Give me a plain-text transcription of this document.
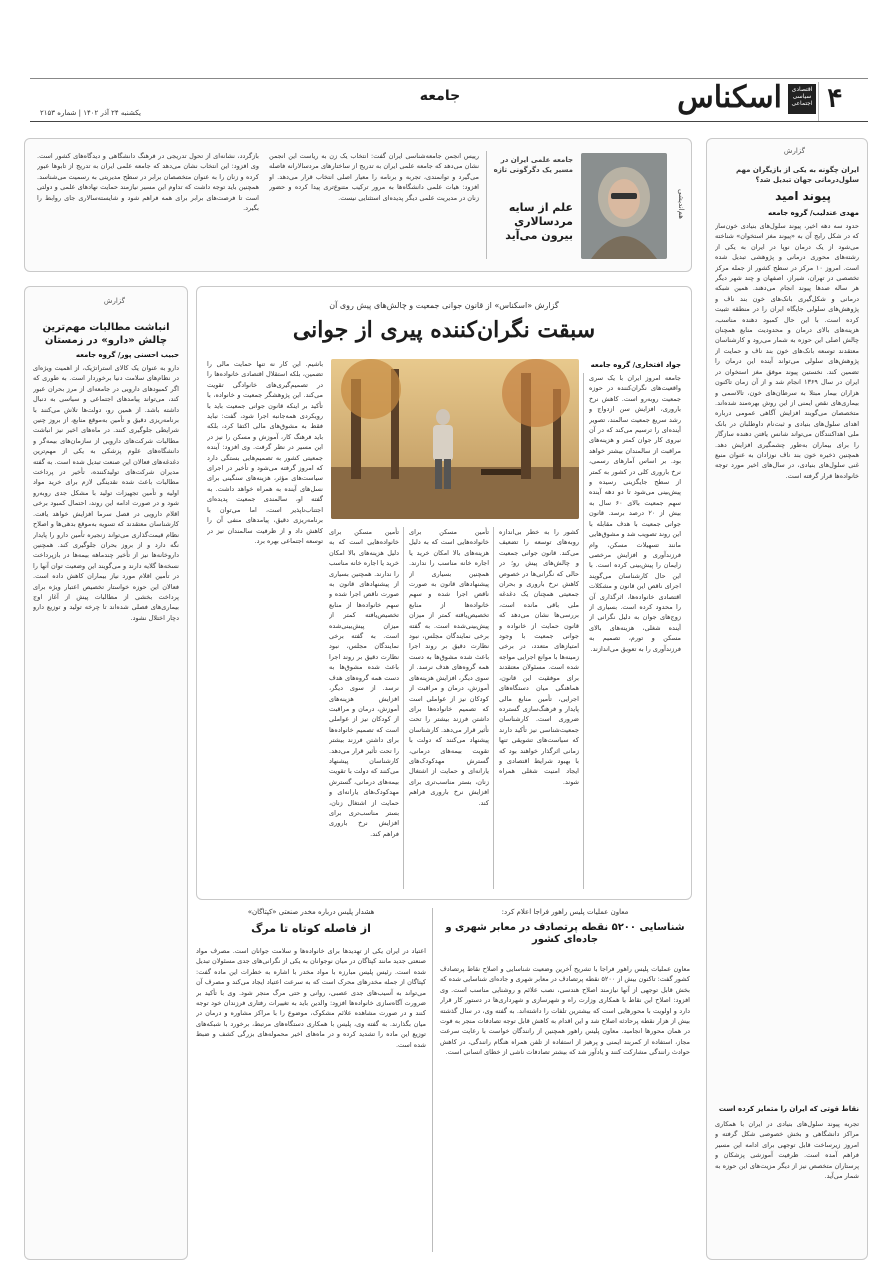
۴
اقتصادی سیاسی اجتماعی
اسکناس
جامعه
یکشنبه ۲۴ آذر ۱۴۰۲ | شماره ۲۱۵۳
گزارش
ایران چگونه به یکی از بازیگران مهم سلول‌درمانی جهان تبدیل شد؟
پیوند امید
مهدی عندلیب/ گروه جامعه
حدود سه دهه اخیر، پیوند سلول‌های بنیادی خون‌ساز که در شکل رایج آن به «پیوند مغز استخوان» شناخته می‌شود از یک درمان نوپا در ایران به یکی از رشته‌های محوری درمانی و پژوهشی تبدیل شده است. امروز ۱۰ مرکز در سطح کشور از جمله مرکز تخصصی در تهران، شیراز، اصفهان و چند شهر دیگر هر ساله صدها پیوند انجام می‌دهند. همین شبکه درمانی و شکل‌گیری بانک‌های خون بند ناف و پژوهش‌های سلولی جایگاه ایران را در منطقه تثبیت کرده است. با این حال کمبود دهنده مناسب، هزینه‌های بالای درمان و محدودیت منابع همچنان چالش اصلی این حوزه به شمار می‌رود و کارشناسان معتقدند توسعه بانک‌های خون بند ناف و حمایت از پژوهش‌های سلولی می‌تواند آینده این درمان را تضمین کند. نخستین پیوند موفق مغز استخوان در ایران در سال ۱۳۶۹ انجام شد و از آن زمان تاکنون هزاران بیمار مبتلا به سرطان‌های خون، تالاسمی و بیماری‌های نقص ایمنی از این روش بهره‌مند شده‌اند. متخصصان می‌گویند افزایش آگاهی عمومی درباره اهدای سلول‌های بنیادی و ثبت‌نام داوطلبان در بانک ملی اهداکنندگان می‌تواند شانس یافتن دهنده سازگار را برای بیماران به‌طور چشمگیری افزایش دهد. همچنین ذخیره خون بند ناف نوزادان به عنوان منبع غنی سلول‌های بنیادی، در سال‌های اخیر مورد توجه خانواده‌ها قرار گرفته است.
نقاط قوتی که ایران را متمایز کرده است
تجربه پیوند سلول‌های بنیادی در ایران با همکاری مراکز دانشگاهی و بخش خصوصی شکل گرفته و امروز زیرساخت قابل توجهی برای ادامه این مسیر فراهم آمده است. ظرفیت آموزشی پزشکان و پرستاران متخصص نیز از دیگر مزیت‌های این حوزه به شمار می‌آید.
هم‌اندیشی
جامعه علمی ایران در مسیر یک دگرگونی تازه
علم از سایه مردسالاری بیرون می‌آید
رییس انجمن جامعه‌شناسی ایران گفت: انتخاب یک زن به ریاست این انجمن نشان می‌دهد که جامعه علمی ایران به تدریج از ساختارهای مردسالارانه فاصله می‌گیرد و توانمندی، تجربه و برنامه را معیار اصلی انتخاب قرار می‌دهد. او افزود: هیات علمی دانشگاه‌ها به مرور ترکیب متنوع‌تری پیدا کرده و حضور زنان در مدیریت علمی دیگر پدیده‌ای استثنایی نیست.
بازگردد، نشانه‌ای از تحول تدریجی در فرهنگ دانشگاهی و دیدگاه‌های کشور است. وی افزود: این انتخاب نشان می‌دهد که جامعه علمی ایران به تدریج از تابوها عبور کرده و زنان را به عنوان متخصصان برابر در سطح مدیریتی به رسمیت می‌شناسد. همچنین باید توجه داشت که تداوم این مسیر نیازمند حمایت نهادهای علمی و دولتی است تا فرصت‌های برابر برای همه فراهم شود و شایسته‌سالاری جای روابط را بگیرد.
گزارش
انباشت مطالبات مهم‌ترین چالش «دارو» در زمستان
حبیب احسنی پور/ گروه جامعه
دارو به عنوان یک کالای استراتژیک، از اهمیت ویژه‌ای در نظام‌های سلامت دنیا برخوردار است. به طوری که اگر کمبودهای دارویی در جامعه‌ای از مرز بحران عبور کند، می‌تواند پیامدهای اجتماعی و سیاسی به دنبال داشته باشد. از همین رو، دولت‌ها تلاش می‌کنند با برنامه‌ریزی دقیق و تأمین به‌موقع منابع، از بروز چنین شرایطی جلوگیری کنند. در ماه‌های اخیر نیز انباشت مطالبات شرکت‌های دارویی از سازمان‌های بیمه‌گر و دانشگاه‌های علوم پزشکی به یکی از مهم‌ترین دغدغه‌های فعالان این صنعت تبدیل شده است. به گفته مدیران شرکت‌های تولیدکننده، تأخیر در پرداخت مطالبات باعث شده نقدینگی لازم برای خرید مواد اولیه و تأمین تجهیزات تولید با مشکل جدی روبه‌رو شود و در صورت ادامه این روند، احتمال کمبود برخی اقلام دارویی در فصل سرما افزایش خواهد یافت. کارشناسان معتقدند که تسویه به‌موقع بدهی‌ها و اصلاح نظام قیمت‌گذاری می‌تواند زنجیره تأمین دارو را پایدار نگه دارد و از بروز بحران جلوگیری کند. همچنین داروخانه‌ها نیز از تأخیر چندماهه بیمه‌ها در بازپرداخت نسخه‌ها گلایه دارند و می‌گویند این وضعیت توان آنها را در تأمین اقلام مورد نیاز بیماران کاهش داده است. فعالان این حوزه خواستار تخصیص اعتبار ویژه برای پرداخت بخشی از مطالبات پیش از آغاز اوج بیماری‌های فصلی شده‌اند تا چرخه تولید و توزیع دارو دچار اختلال نشود.
گزارش «اسکناس» از قانون جوانی جمعیت و چالش‌های پیش روی آن
سبقت نگران‌کننده پیری از جوانی
جواد افتخاری/ گروه جامعه
جامعه امروز ایران با یک سری واقعیت‌های نگران‌کننده در حوزه جمعیت روبه‌رو است. کاهش نرخ باروری، افزایش سن ازدواج و رشد سریع جمعیت سالمند، تصویر آینده‌ای را ترسیم می‌کند که در آن نیروی کار جوان کمتر و هزینه‌های مراقبت از سالمندان بیشتر خواهد بود. بر اساس آمارهای رسمی، نرخ باروری کلی در کشور به کمتر از سطح جایگزینی رسیده و پیش‌بینی می‌شود تا دو دهه آینده سهم جمعیت بالای ۶۰ سال به بیش از ۲۰ درصد برسد. قانون جوانی جمعیت با هدف مقابله با این روند تصویب شد و مشوق‌هایی مانند تسهیلات مسکن، وام فرزندآوری و افزایش مرخصی زایمان را پیش‌بینی کرده است. با این حال کارشناسان می‌گویند اجرای ناقص این قانون و مشکلات اقتصادی خانواده‌ها، اثرگذاری آن را محدود کرده است. بسیاری از زوج‌های جوان به دلیل نگرانی از آینده شغلی، هزینه‌های بالای مسکن و تورم، تصمیم به فرزندآوری را به تعویق می‌اندازند.
کشور را به خطر بی‌اندازه روبه‌های توسعه را تضعیف می‌کند. قانون جوانی جمعیت و چالش‌های پیش رو؛ در حالی که نگرانی‌ها در خصوص کاهش نرخ باروری و بحران جمعیتی همچنان یک دغدغه ملی باقی مانده است، بررسی‌ها نشان می‌دهد که قانون حمایت از خانواده و جوانی جمعیت با وجود امتیازهای متعدد، در برخی زمینه‌ها با موانع اجرایی مواجه شده است. مسئولان معتقدند برای موفقیت این قانون، هماهنگی میان دستگاه‌های اجرایی، تأمین منابع مالی پایدار و فرهنگ‌سازی گسترده ضروری است. کارشناسان جمعیت‌شناسی نیز تأکید دارند که سیاست‌های تشویقی تنها زمانی اثرگذار خواهند بود که با بهبود شرایط اقتصادی و ایجاد امنیت شغلی همراه شوند.
تأمین مسکن برای خانواده‌هایی است که به دلیل هزینه‌های بالا امکان خرید یا اجاره خانه مناسب را ندارند. همچنین بسیاری از پیشنهادهای قانون به صورت ناقص اجرا شده و سهم خانواده‌ها از منابع تخصیص‌یافته کمتر از میزان پیش‌بینی‌شده است. به گفته برخی نمایندگان مجلس، نبود نظارت دقیق بر روند اجرا باعث شده مشوق‌ها به دست همه گروه‌های هدف نرسد. از سوی دیگر، افزایش هزینه‌های آموزش، درمان و مراقبت از کودکان نیز از عواملی است که تصمیم خانواده‌ها برای داشتن فرزند بیشتر را تحت تأثیر قرار می‌دهد. کارشناسان پیشنهاد می‌کنند که دولت با تقویت بیمه‌های درمانی، گسترش مهدکودک‌های یارانه‌ای و حمایت از اشتغال زنان، بستر مناسب‌تری برای افزایش نرخ باروری فراهم کند.
باشیم. این کار نه تنها حمایت مالی را تضمین، بلکه استقلال اقتصادی خانواده‌ها را در تصمیم‌گیری‌های خانوادگی تقویت می‌کند. این پژوهشگر جمعیت و خانواده، با تأکید بر اینکه قانون جوانی جمعیت باید با رویکردی همه‌جانبه اجرا شود، گفت: نباید فقط به مشوق‌های مالی اکتفا کرد، بلکه باید فرهنگ کار، آموزش و مسکن را نیز در این مسیر در نظر گرفت. وی افزود: آینده جمعیتی کشور به تصمیم‌هایی بستگی دارد که امروز گرفته می‌شود و تأخیر در اجرای سیاست‌های مؤثر، هزینه‌های سنگینی برای نسل‌های آینده به همراه خواهد داشت. به گفته او، سالمندی جمعیت پدیده‌ای اجتناب‌ناپذیر است، اما می‌توان با برنامه‌ریزی دقیق، پیامدهای منفی آن را کاهش داد و از ظرفیت سالمندان نیز در توسعه اجتماعی بهره برد.
تأمین مسکن برای خانواده‌هایی است که به دلیل هزینه‌های بالا امکان خرید یا اجاره خانه مناسب را ندارند. همچنین بسیاری از پیشنهادهای قانون به صورت ناقص اجرا شده و سهم خانواده‌ها از منابع تخصیص‌یافته کمتر از میزان پیش‌بینی‌شده است. به گفته برخی نمایندگان مجلس، نبود نظارت دقیق بر روند اجرا باعث شده مشوق‌ها به دست همه گروه‌های هدف نرسد. از سوی دیگر، افزایش هزینه‌های آموزش، درمان و مراقبت از کودکان نیز از عواملی است که تصمیم خانواده‌ها برای داشتن فرزند بیشتر را تحت تأثیر قرار می‌دهد. کارشناسان پیشنهاد می‌کنند که دولت با تقویت بیمه‌های درمانی، گسترش مهدکودک‌های یارانه‌ای و حمایت از اشتغال زنان، بستر مناسب‌تری برای افزایش نرخ باروری فراهم کند.
معاون عملیات پلیس راهور فراجا اعلام کرد:
شناسایی ۵۲۰۰ نقطه پرتصادف در معابر شهری و جاده‌ای کشور
معاون عملیات پلیس راهور فراجا با تشریح آخرین وضعیت شناسایی و اصلاح نقاط پرتصادف کشور گفت: تاکنون بیش از ۵۲۰۰ نقطه پرتصادف در معابر شهری و جاده‌ای شناسایی شده که بخش قابل توجهی از آنها نیازمند اصلاح هندسی، نصب علائم و روشنایی مناسب است. وی افزود: اصلاح این نقاط با همکاری وزارت راه و شهرسازی و شهرداری‌ها در دستور کار قرار دارد و اولویت با محورهایی است که بیشترین تلفات را داشته‌اند. به گفته وی، در سال گذشته بیش از هزار نقطه پرحادثه اصلاح شد و این اقدام به کاهش قابل توجه تصادفات منجر به فوت در همان محورها انجامید. معاون پلیس راهور همچنین از رانندگان خواست با رعایت سرعت مجاز، استفاده از کمربند ایمنی و پرهیز از استفاده از تلفن همراه هنگام رانندگی، در کاهش حوادث رانندگی مشارکت کنند و یادآور شد که بیشتر تصادفات ناشی از خطای انسانی است.
هشدار پلیس درباره مخدر صنعتی «کپتاگان»
از فاصله کوتاه تا مرگ
اعتیاد در ایران یکی از تهدیدها برای خانواده‌ها و سلامت جوانان است. مصرف مواد صنعتی جدید مانند کپتاگان در میان نوجوانان به یکی از نگرانی‌های جدی مسئولان تبدیل شده است. رئیس پلیس مبارزه با مواد مخدر با اشاره به خطرات این ماده گفت: کپتاگان از جمله مخدرهای محرک است که به سرعت اعتیاد ایجاد می‌کند و مصرف آن می‌تواند به آسیب‌های جدی عصبی، روانی و حتی مرگ منجر شود. وی با تأکید بر ضرورت آگاه‌سازی خانواده‌ها افزود: والدین باید به تغییرات رفتاری فرزندان خود توجه کنند و در صورت مشاهده علائم مشکوک، موضوع را با مراکز مشاوره و درمان در میان بگذارند. به گفته وی، پلیس با همکاری دستگاه‌های مرتبط، برخورد با شبکه‌های توزیع این ماده را تشدید کرده و در ماه‌های اخیر محموله‌های بزرگی کشف و ضبط شده است.
